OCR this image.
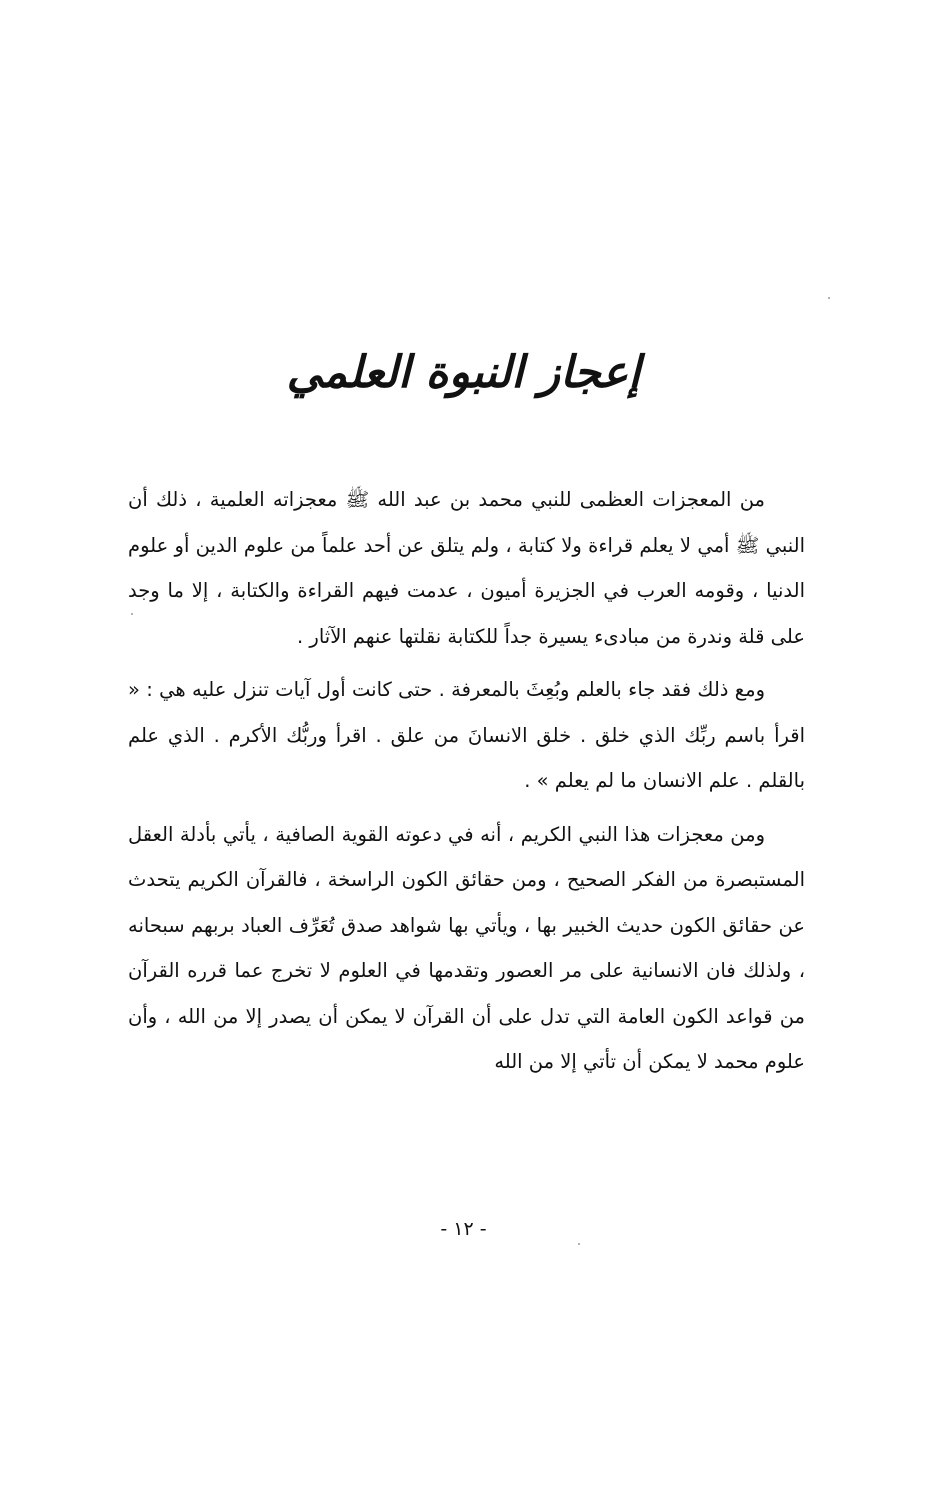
إعجاز النبوة العلمي

من المعجزات العظمى للنبي محمد بن عبد الله ﷺ معجزاته العلمية ، ذلك أن النبي ﷺ أمي لا يعلم قراءة ولا كتابة ، ولم يتلق عن أحد علماً من علوم الدين أو علوم الدنيا ، وقومه العرب في الجزيرة أميون ، عدمت فيهم القراءة والكتابة ، إلا ما وجد على قلة وندرة من مبادىء يسيرة جداً للكتابة نقلتها عنهم الآثار .

ومع ذلك فقد جاء بالعلم وبُعِثَ بالمعرفة . حتى كانت أول آيات تنزل عليه هي : « اقرأ باسم ربِّك الذي خلق . خلق الانسانَ من علق . اقرأ وربُّك الأكرم . الذي علم بالقلم . علم الانسان ما لم يعلم » .

ومن معجزات هذا النبي الكريم ، أنه في دعوته القوية الصافية ، يأتي بأدلة العقل المستبصرة من الفكر الصحيح ، ومن حقائق الكون الراسخة ، فالقرآن الكريم يتحدث عن حقائق الكون حديث الخبير بها ، ويأتي بها شواهد صدق تُعَرِّف العباد بربهم سبحانه ، ولذلك فان الانسانية على مر العصور وتقدمها في العلوم لا تخرج عما قرره القرآن من قواعد الكون العامة التي تدل على أن القرآن لا يمكن أن يصدر إلا من الله ، وأن علوم محمد لا يمكن أن تأتي إلا من الله

- ١٢ -
